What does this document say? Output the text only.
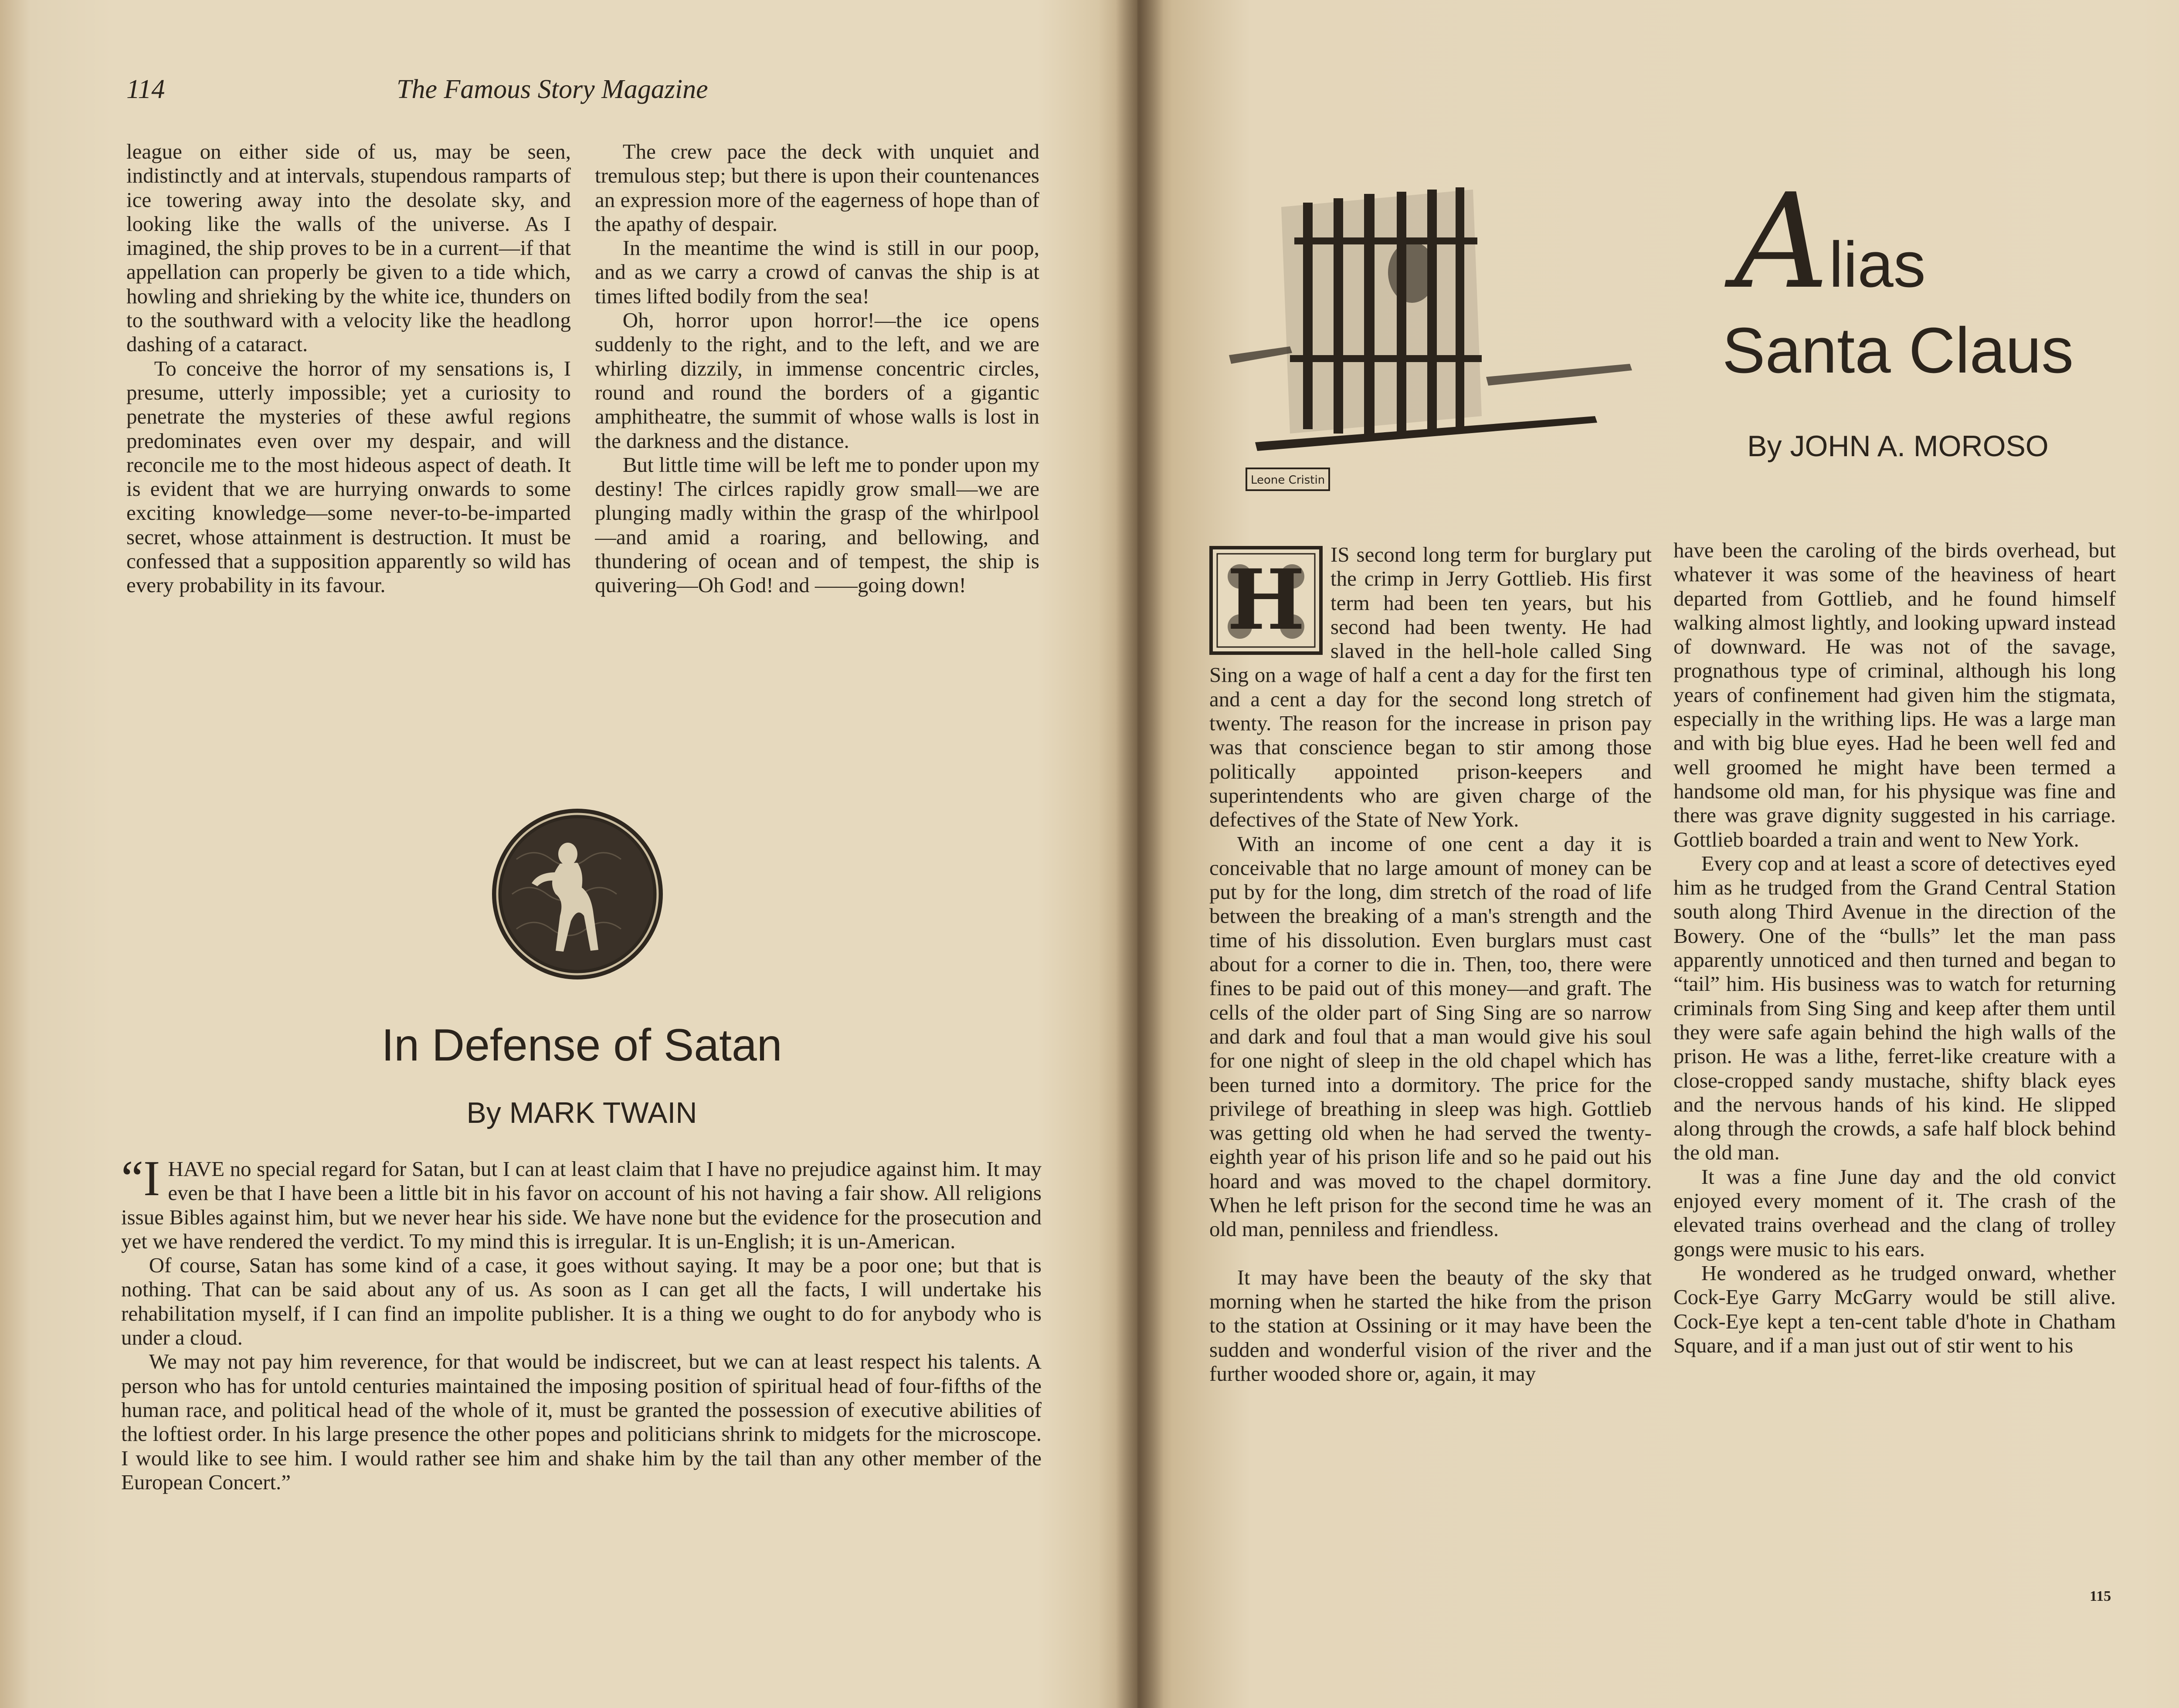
114	The Famous Story Magazine

league on either side of us, may be seen, indistinctly and at intervals, stupendous ramparts of ice towering away into the desolate sky, and looking like the walls of the universe. As I imagined, the ship proves to be in a current—if that appellation can properly be given to a tide which, howling and shrieking by the white ice, thunders on to the southward with a velocity like the headlong dashing of a cataract.

To conceive the horror of my sensations is, I presume, utterly impossible; yet a curiosity to penetrate the mysteries of these awful regions predominates even over my despair, and will reconcile me to the most hideous aspect of death. It is evident that we are hurrying onwards to some exciting knowledge—some never-to-be-imparted secret, whose attainment is destruction. It must be confessed that a supposition apparently so wild has every probability in its favour.

The crew pace the deck with unquiet and tremulous step; but there is upon their countenances an expression more of the eagerness of hope than of the apathy of despair.

In the meantime the wind is still in our poop, and as we carry a crowd of canvas the ship is at times lifted bodily from the sea!

Oh, horror upon horror!—the ice opens suddenly to the right, and to the left, and we are whirling dizzily, in immense concentric circles, round and round the borders of a gigantic amphitheatre, the summit of whose walls is lost in the darkness and the distance.

But little time will be left me to ponder upon my destiny! The cirlces rapidly grow small—we are plunging madly within the grasp of the whirlpool —and amid a roaring, and bellowing, and thundering of ocean and of tempest, the ship is quivering—Oh God! and ——going down!

In Defense of Satan
By MARK TWAIN

“IHAVE no special regard for Satan, but I can at least claim that I have no prejudice against him. It may even be that I have been a little bit in his favor on account of his not having a fair show. All religions issue Bibles against him, but we never hear his side. We have none but the evidence for the prosecution and yet we have rendered the verdict. To my mind this is irregular. It is un-English; it is un-American.

Of course, Satan has some kind of a case, it goes without saying. It may be a poor one; but that is nothing. That can be said about any of us. As soon as I can get all the facts, I will undertake his rehabilitation myself, if I can find an impolite publisher. It is a thing we ought to do for anybody who is under a cloud.

We may not pay him reverence, for that would be indiscreet, but we can at least respect his talents. A person who has for untold centuries maintained the imposing position of spiritual head of four-fifths of the human race, and political head of the whole of it, must be granted the possession of executive abilities of the loftiest order. In his large presence the other popes and politicians shrink to midgets for the microscope. I would like to see him. I would rather see him and shake him by the tail than any other member of the European Concert.”

Leone Cristin
Alias
Santa Claus
By JOHN A. MOROSO
H	IS second long term for burglary put the crimp in Jerry Gottlieb. His first term had been ten years, but his second had been twenty. He had slaved in the hell-hole called Sing Sing on a wage of half a cent a day for the first ten and a cent a day for the second long stretch of twenty. The reason for the increase in prison pay was that conscience began to stir among those politically appointed prison-keepers and superintendents who are given charge of the defectives of the State of New York.

With an income of one cent a day it is conceivable that no large amount of money can be put by for the long, dim stretch of the road of life between the breaking of a man's strength and the time of his dissolution. Even burglars must cast about for a corner to die in. Then, too, there were fines to be paid out of this money—and graft. The cells of the older part of Sing Sing are so narrow and dark and foul that a man would give his soul for one night of sleep in the old chapel which has been turned into a dormitory. The price for the privilege of breathing in sleep was high. Gottlieb was getting old when he had served the twenty-eighth year of his prison life and so he paid out his hoard and was moved to the chapel dormitory. When he left prison for the second time he was an old man, penniless and friendless.

It may have been the beauty of the sky that morning when he started the hike from the prison to the station at Ossining or it may have been the sudden and wonderful vision of the river and the further wooded shore or, again, it may

have been the caroling of the birds overhead, but whatever it was some of the heaviness of heart departed from Gottlieb, and he found himself walking almost lightly, and looking upward instead of downward. He was not of the savage, prognathous type of criminal, although his long years of confinement had given him the stigmata, especially in the writhing lips. He was a large man and with big blue eyes. Had he been well fed and well groomed he might have been termed a handsome old man, for his physique was fine and there was grave dignity suggested in his carriage. Gottlieb boarded a train and went to New York.

Every cop and at least a score of detectives eyed him as he trudged from the Grand Central Station south along Third Avenue in the direction of the Bowery. One of the “bulls” let the man pass apparently unnoticed and then turned and began to “tail” him. His business was to watch for returning criminals from Sing Sing and keep after them until they were safe again behind the high walls of the prison. He was a lithe, ferret-like creature with a close-cropped sandy mustache, shifty black eyes and the nervous hands of his kind. He slipped along through the crowds, a safe half block behind the old man.

It was a fine June day and the old convict enjoyed every moment of it. The crash of the elevated trains overhead and the clang of trolley gongs were music to his ears.

He wondered as he trudged onward, whether Cock-Eye Garry McGarry would be still alive. Cock-Eye kept a ten-cent table d'hote in Chatham Square, and if a man just out of stir went to his

115
